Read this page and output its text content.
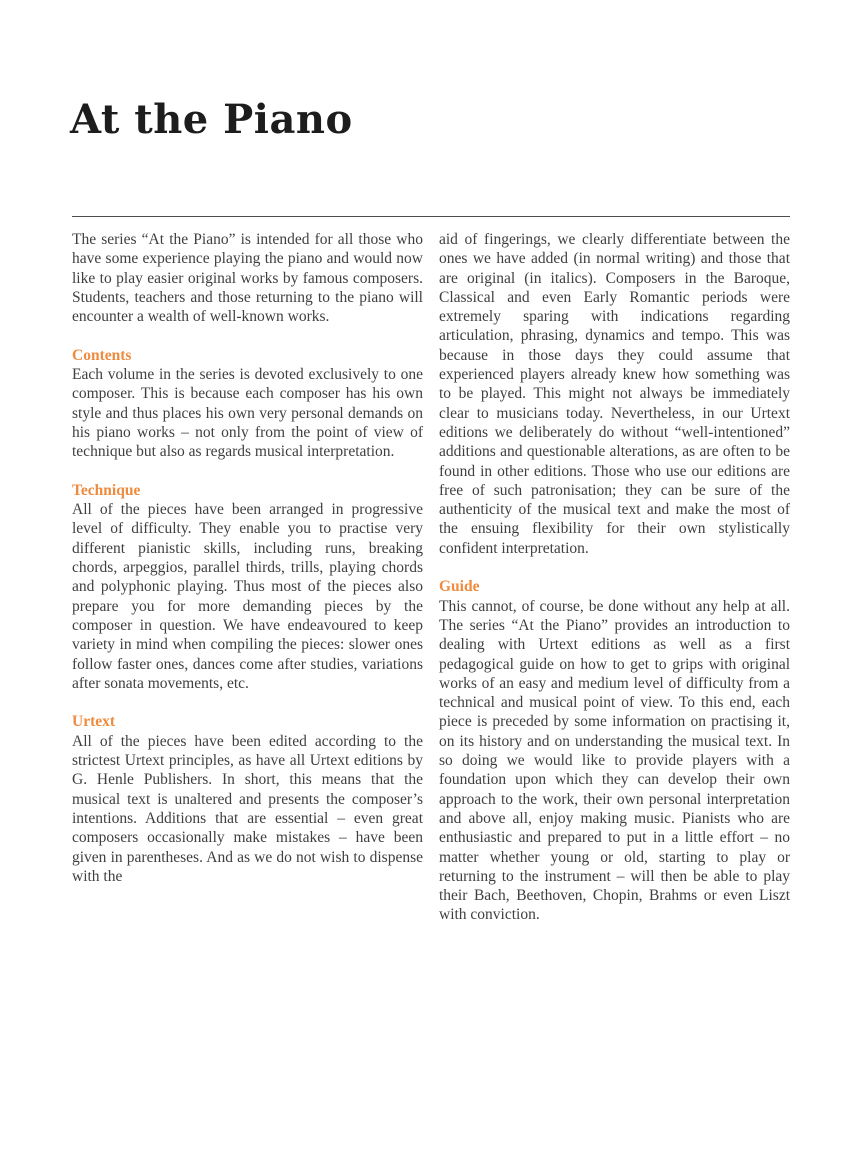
At the Piano

The series “At the Piano” is intended for all those who have some experience playing the piano and would now like to play easier original works by famous composers. Students, teachers and those returning to the piano will encounter a wealth of well-known works.

Contents

Each volume in the series is devoted exclusively to one composer. This is because each composer has his own style and thus places his own very personal demands on his piano works – not only from the point of view of technique but also as regards musical interpretation.

Technique

All of the pieces have been arranged in progressive level of difficulty. They enable you to practise very different pianistic skills, including runs, breaking chords, arpeggios, parallel thirds, trills, playing chords and polyphonic playing. Thus most of the pieces also prepare you for more demanding pieces by the composer in question. We have endeavoured to keep variety in mind when compiling the pieces: slower ones follow faster ones, dances come after studies, variations after sonata movements, etc.

Urtext

All of the pieces have been edited according to the strictest Urtext principles, as have all Urtext editions by G. Henle Publishers. In short, this means that the musical text is unaltered and presents the composer’s intentions. Additions that are essential – even great composers occasionally make mistakes – have been given in parentheses. And as we do not wish to dispense with the

aid of fingerings, we clearly differentiate between the ones we have added (in normal writing) and those that are original (in italics). Composers in the Baroque, Classical and even Early Romantic periods were extremely sparing with indications regarding articulation, phrasing, dynamics and tempo. This was because in those days they could assume that experienced players already knew how something was to be played. This might not always be immediately clear to musicians today. Nevertheless, in our Urtext editions we deliberately do without “well-intentioned” additions and questionable alterations, as are often to be found in other editions. Those who use our editions are free of such patronisation; they can be sure of the authenticity of the musical text and make the most of the ensuing flexibility for their own stylistically confident interpretation.

Guide

This cannot, of course, be done without any help at all. The series “At the Piano” provides an introduction to dealing with Urtext editions as well as a first pedagogical guide on how to get to grips with original works of an easy and medium level of difficulty from a technical and musical point of view. To this end, each piece is preceded by some information on practising it, on its history and on understanding the musical text. In so doing we would like to provide players with a foundation upon which they can develop their own approach to the work, their own personal interpretation and above all, enjoy making music. Pianists who are enthusiastic and prepared to put in a little effort – no matter whether young or old, starting to play or returning to the instrument – will then be able to play their Bach, Beethoven, Chopin, Brahms or even Liszt with conviction.
